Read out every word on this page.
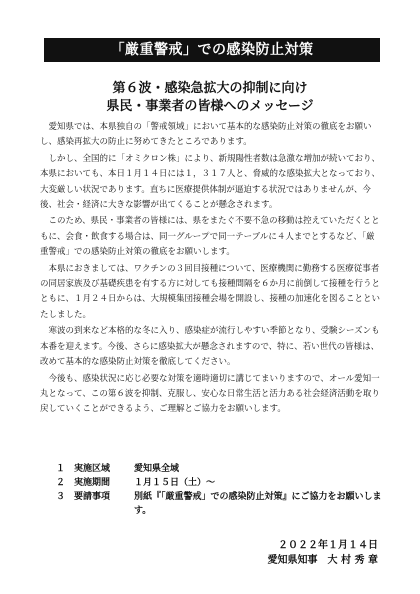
「厳重警戒」での感染防止対策
第６波・感染急拡大の抑制に向け
県民・事業者の皆様へのメッセージ

愛知県では、本県独自の「警戒領域」において基本的な感染防止対策の徹底をお願いし、感染再拡大の防止に努めてきたところであります。

しかし、全国的に「オミクロン株」により、新規陽性者数は急激な増加が続いており、本県においても、本日１月１４日には１，３１７人と、脅威的な感染拡大となっており、大変厳しい状況であります。直ちに医療提供体制が逼迫する状況ではありませんが、今後、社会・経済に大きな影響が出てくることが懸念されます。

このため、県民・事業者の皆様には、県をまたぐ不要不急の移動は控えていただくとともに、会食・飲食する場合は、同一グループで同一テーブルに４人までとするなど、「厳重警戒」での感染防止対策の徹底をお願いします。

本県におきましては、ワクチンの３回目接種について、医療機関に勤務する医療従事者の同居家族及び基礎疾患を有する方に対しても接種間隔を６か月に前倒して接種を行うとともに、１月２４日からは、大規模集団接種会場を開設し、接種の加速化を図ることといたしました。

寒波の到来など本格的な冬に入り、感染症が流行しやすい季節となり、受験シーズンも本番を迎えます。今後、さらに感染拡大が懸念されますので、特に、若い世代の皆様は、改めて基本的な感染防止対策を徹底してください。

今後も、感染状況に応じ必要な対策を適時適切に講じてまいりますので、オール愛知一丸となって、この第６波を抑制、克服し、安心な日常生活と活力ある社会経済活動を取り戻していくことができるよう、ご理解とご協力をお願いします。

１ 実施区域	愛知県全域
２ 実施期間	１月１５日（土）～
３ 要請事項	別紙『「厳重警戒」での感染防止対策』にご協力をお願いします。
２０２２年１月１４日
愛知県知事　大 村 秀 章
